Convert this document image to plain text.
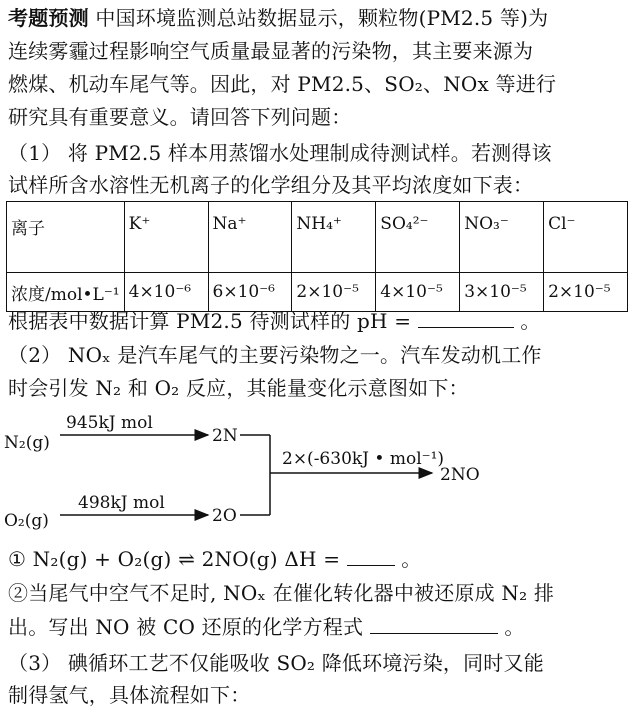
考题预测 中国环境监测总站数据显示，颗粒物(PM2.5 等)为
连续雾霾过程影响空气质量最显著的污染物，其主要来源为
燃煤、机动车尾气等。因此，对 PM2.5、SO₂、NOx 等进行
研究具有重要意义。请回答下列问题：
（1） 将 PM2.5 样本用蒸馏水处理制成待测试样。若测得该
试样所含水溶性无机离子的化学组分及其平均浓度如下表：
离子	K⁺	Na⁺	NH₄⁺	SO₄²⁻	NO₃⁻	Cl⁻
浓度/mol•L⁻¹	4×10⁻⁶	6×10⁻⁶	2×10⁻⁵	4×10⁻⁵	3×10⁻⁵	2×10⁻⁵
根据表中数据计算 PM2.5 待测试样的 pH =	。
（2） NOₓ 是汽车尾气的主要污染物之一。汽车发动机工作
时会引发 N₂ 和 O₂ 反应，其能量变化示意图如下：
N₂(g)
O₂(g)
945kJ mol
498kJ mol
2N
2O
2×(-630kJ • mol⁻¹)
2NO
① N₂(g) + O₂(g) ⇌ 2NO(g) ΔH =	。
②当尾气中空气不足时, NOₓ 在催化转化器中被还原成 N₂ 排
出。写出 NO 被 CO 还原的化学方程式	。
（3） 碘循环工艺不仅能吸收 SO₂ 降低环境污染，同时又能
制得氢气，具体流程如下：
